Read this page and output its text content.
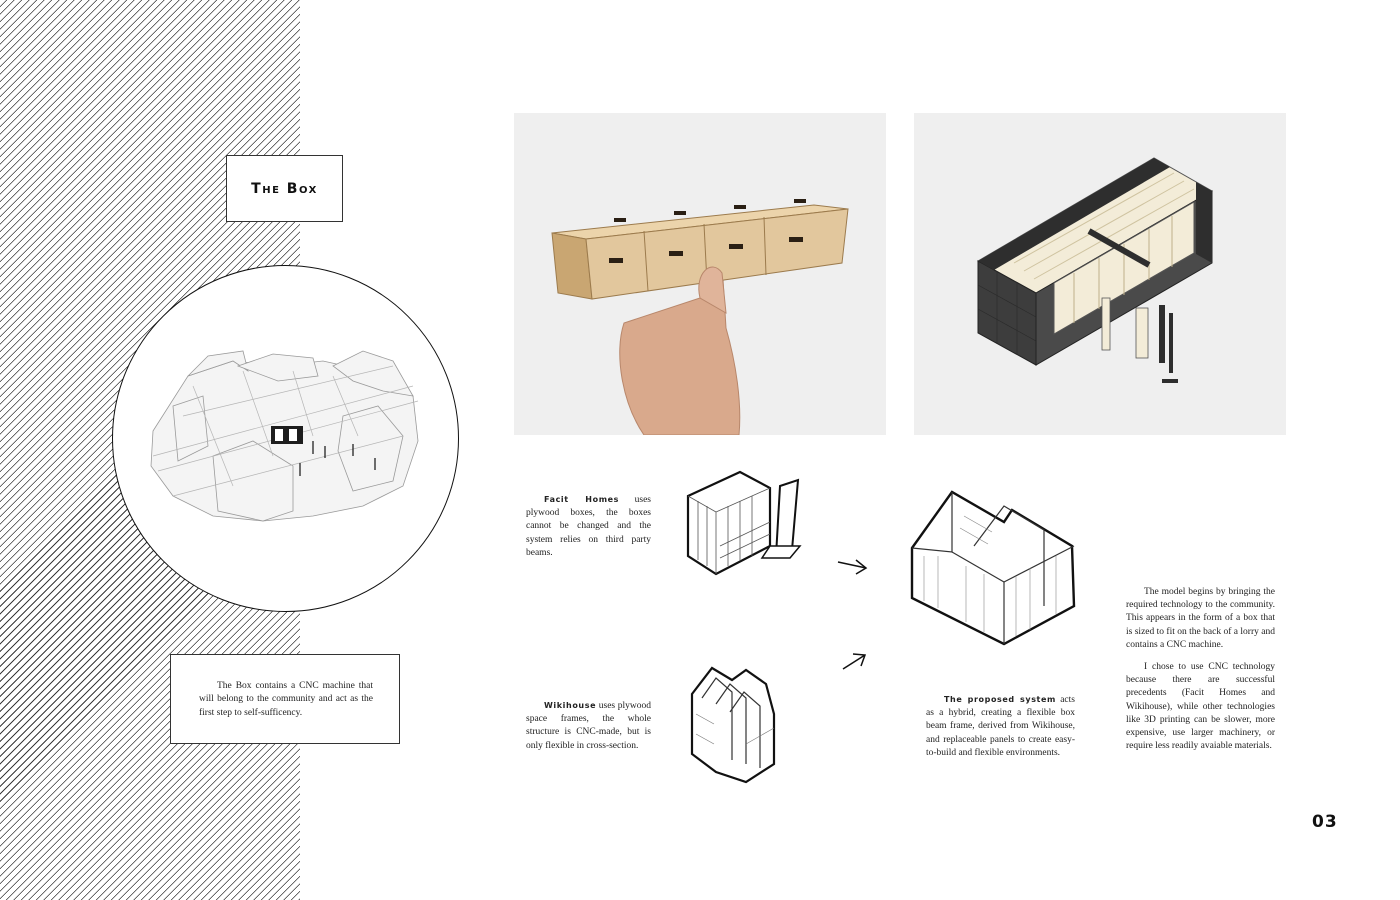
The Box

The Box contains a CNC machine that will belong to the community and act as the first step to self-sufficency.

Facit Homes uses plywood boxes, the boxes cannot be changed and the system relies on third party beams.

Wikihouse uses plywood space frames, the whole structure is CNC-made, but is only flexible in cross-section.

The proposed system acts as a hybrid, creating a flexible box beam frame, derived from Wikihouse, and replaceable panels to create easy-to-build and flexible environments.

The model begins by bringing the required technology to the community. This appears in the form of a box that is sized to fit on the back of a lorry and contains a CNC machine.

I chose to use CNC technology because there are successful precedents (Facit Homes and Wikihouse), while other technologies like 3D printing can be slower, more expensive, use larger machinery, or require less readily avaiable materials.

03
